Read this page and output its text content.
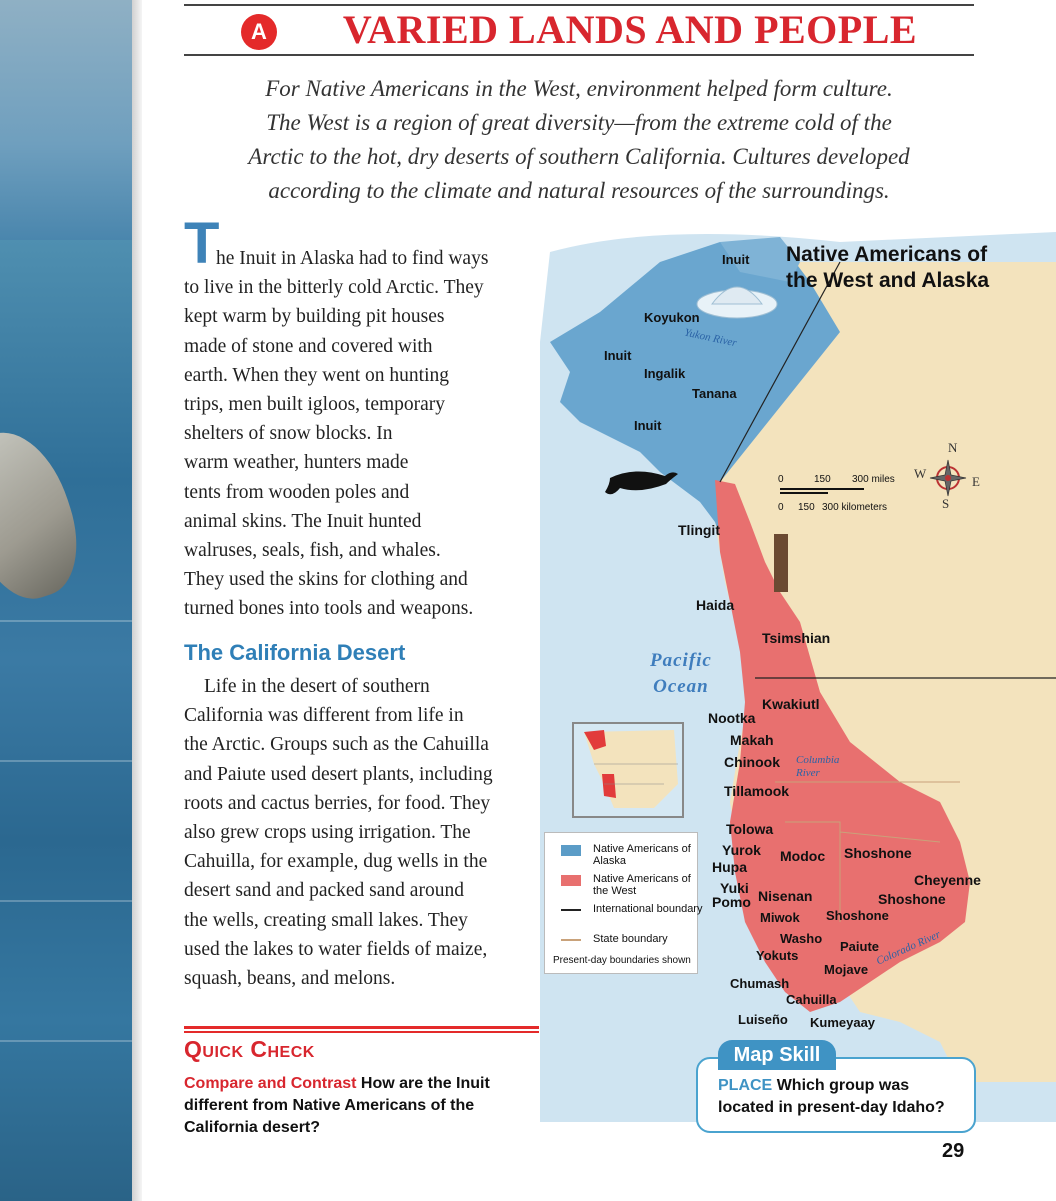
A	VARIED LANDS AND PEOPLE
For Native Americans in the West, environment helped form culture.
The West is a region of great diversity—from the extreme cold of the
Arctic to the hot, dry deserts of southern California. Cultures developed
according to the climate and natural resources of the surroundings.
T
he Inuit in Alaska had to find ways
to live in the bitterly cold Arctic. They
kept warm by building pit houses
made of stone and covered with
earth. When they went on hunting
trips, men built igloos, temporary
shelters of snow blocks. In
warm weather, hunters made
tents from wooden poles and
animal skins. The Inuit hunted
walruses, seals, fish, and whales.
They used the skins for clothing and
turned bones into tools and weapons.
The California Desert
Life in the desert of southern
California was different from life in
the Arctic. Groups such as the Cahuilla
and Paiute used desert plants, including
roots and cactus berries, for food. They
also grew crops using irrigation. The
Cahuilla, for example, dug wells in the
desert sand and packed sand around
the wells, creating small lakes. They
used the lakes to water fields of maize,
squash, beans, and melons.
Quick Check
Compare and Contrast How are the Inuit different from Native Americans of the California desert?
Native Americans of
the West and Alaska
Pacific
Ocean
Inuit
Koyukon
Yukon River
Inuit
Ingalik
Tanana
Inuit
Tlingit
Haida
Tsimshian
Kwakiutl
Nootka
Makah
Chinook Columbia River
Tillamook
Tolowa
Yurok
Hupa
Modoc Shoshone
Yuki
Pomo Nisenan
Cheyenne
Shoshone
Miwok Shoshone
Washo
Yokuts
Paiute
Colorado River
Mojave
Chumash
Cahuilla
Luiseño Kumeyaay
0	150 300 miles
0 150 300 kilometers
N
W
E
S
Native Americans of Alaska
Native Americans of the West
International boundary
State boundary
Present-day boundaries shown
Map Skill
PLACE Which group was located in present-day Idaho?
29
